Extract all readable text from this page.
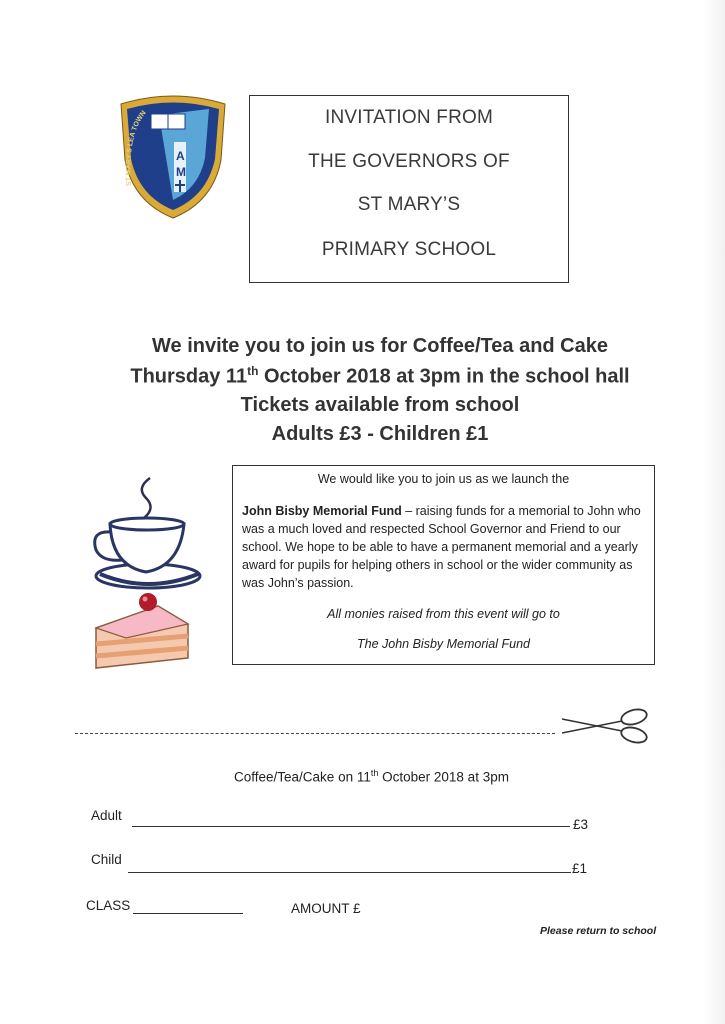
A
M
ST MARY'S LEA TOWN	INVITATION FROM
THE GOVERNORS OF
ST MARY’S
PRIMARY SCHOOL
We invite you to join us for Coffee/Tea and Cake
Thursday 11th October 2018 at 3pm in the school hall
Tickets available from school
Adults £3 - Children £1
We would like you to join us as we launch the
John Bisby Memorial Fund – raising funds for a memorial to John who was a much loved and respected School Governor and Friend to our school. We hope to be able to have a permanent memorial and a yearly award for pupils for helping others in school or the wider community as was John’s passion.
All monies raised from this event will go to
The John Bisby Memorial Fund
Coffee/Tea/Cake on 11th October 2018 at 3pm
Adult
£3
Child
£1
CLASS	AMOUNT £
Please return to school
